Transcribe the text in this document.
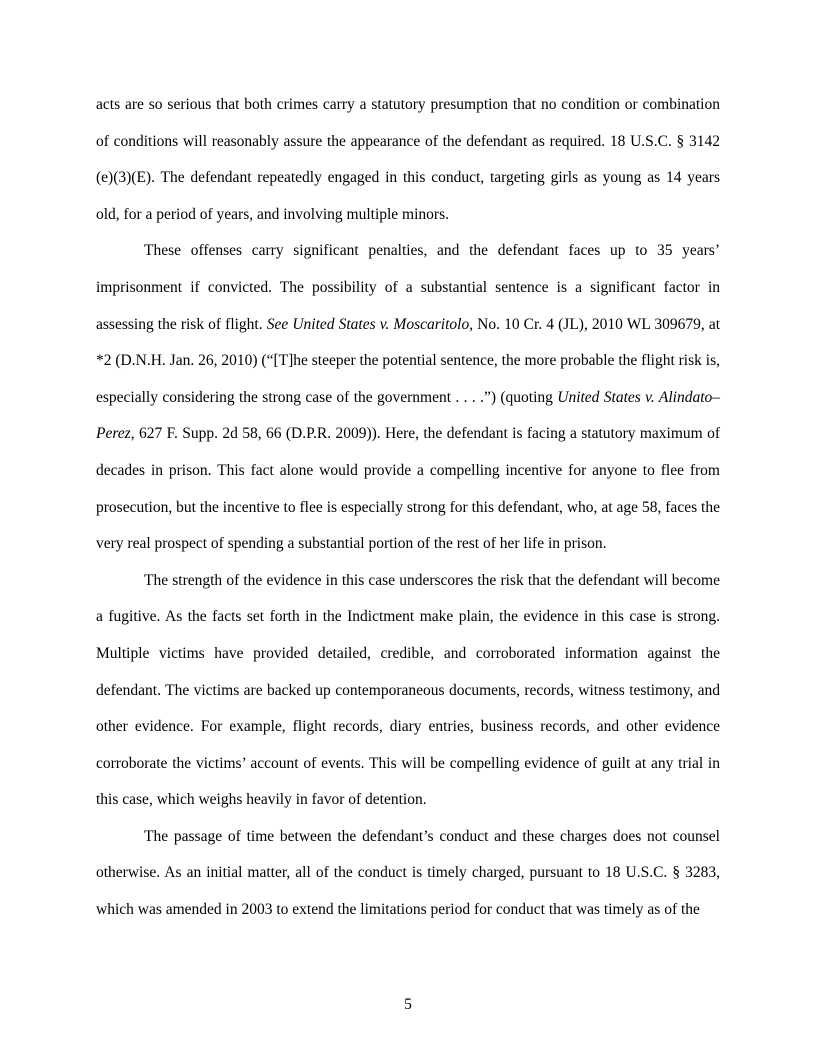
acts are so serious that both crimes carry a statutory presumption that no condition or combination of conditions will reasonably assure the appearance of the defendant as required. 18 U.S.C. § 3142 (e)(3)(E). The defendant repeatedly engaged in this conduct, targeting girls as young as 14 years old, for a period of years, and involving multiple minors.

These offenses carry significant penalties, and the defendant faces up to 35 years’ imprisonment if convicted. The possibility of a substantial sentence is a significant factor in assessing the risk of flight. See United States v. Moscaritolo, No. 10 Cr. 4 (JL), 2010 WL 309679, at *2 (D.N.H. Jan. 26, 2010) (“[T]he steeper the potential sentence, the more probable the flight risk is, especially considering the strong case of the government . . . .”) (quoting United States v. Alindato–Perez, 627 F. Supp. 2d 58, 66 (D.P.R. 2009)). Here, the defendant is facing a statutory maximum of decades in prison. This fact alone would provide a compelling incentive for anyone to flee from prosecution, but the incentive to flee is especially strong for this defendant, who, at age 58, faces the very real prospect of spending a substantial portion of the rest of her life in prison.

The strength of the evidence in this case underscores the risk that the defendant will become a fugitive. As the facts set forth in the Indictment make plain, the evidence in this case is strong. Multiple victims have provided detailed, credible, and corroborated information against the defendant. The victims are backed up contemporaneous documents, records, witness testimony, and other evidence. For example, flight records, diary entries, business records, and other evidence corroborate the victims’ account of events. This will be compelling evidence of guilt at any trial in this case, which weighs heavily in favor of detention.

The passage of time between the defendant’s conduct and these charges does not counsel otherwise. As an initial matter, all of the conduct is timely charged, pursuant to 18 U.S.C. § 3283, which was amended in 2003 to extend the limitations period for conduct that was timely as of the

5
